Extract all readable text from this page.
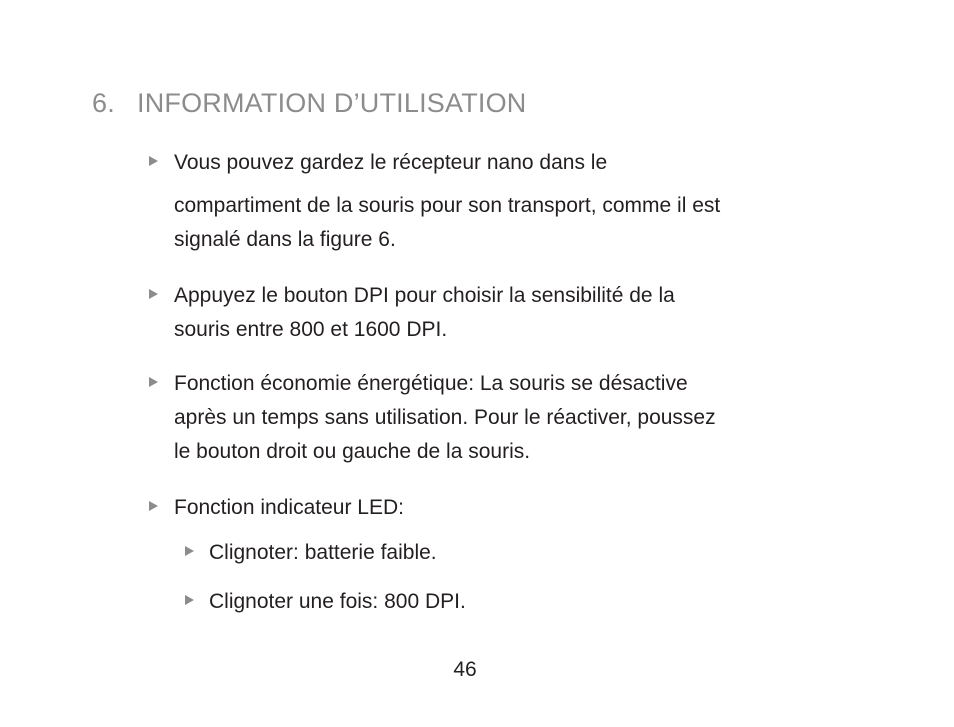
6. INFORMATION D’UTILISATION
Vous pouvez gardez le récepteur nano dans le
compartiment de la souris pour son transport, comme il est
signalé dans la figure 6.
Appuyez le bouton DPI pour choisir la sensibilité de la
souris entre 800 et 1600 DPI.
Fonction économie énergétique: La souris se désactive
après un temps sans utilisation. Pour le réactiver, poussez
le bouton droit ou gauche de la souris.
Fonction indicateur LED:
Clignoter: batterie faible.
Clignoter une fois: 800 DPI.
46
